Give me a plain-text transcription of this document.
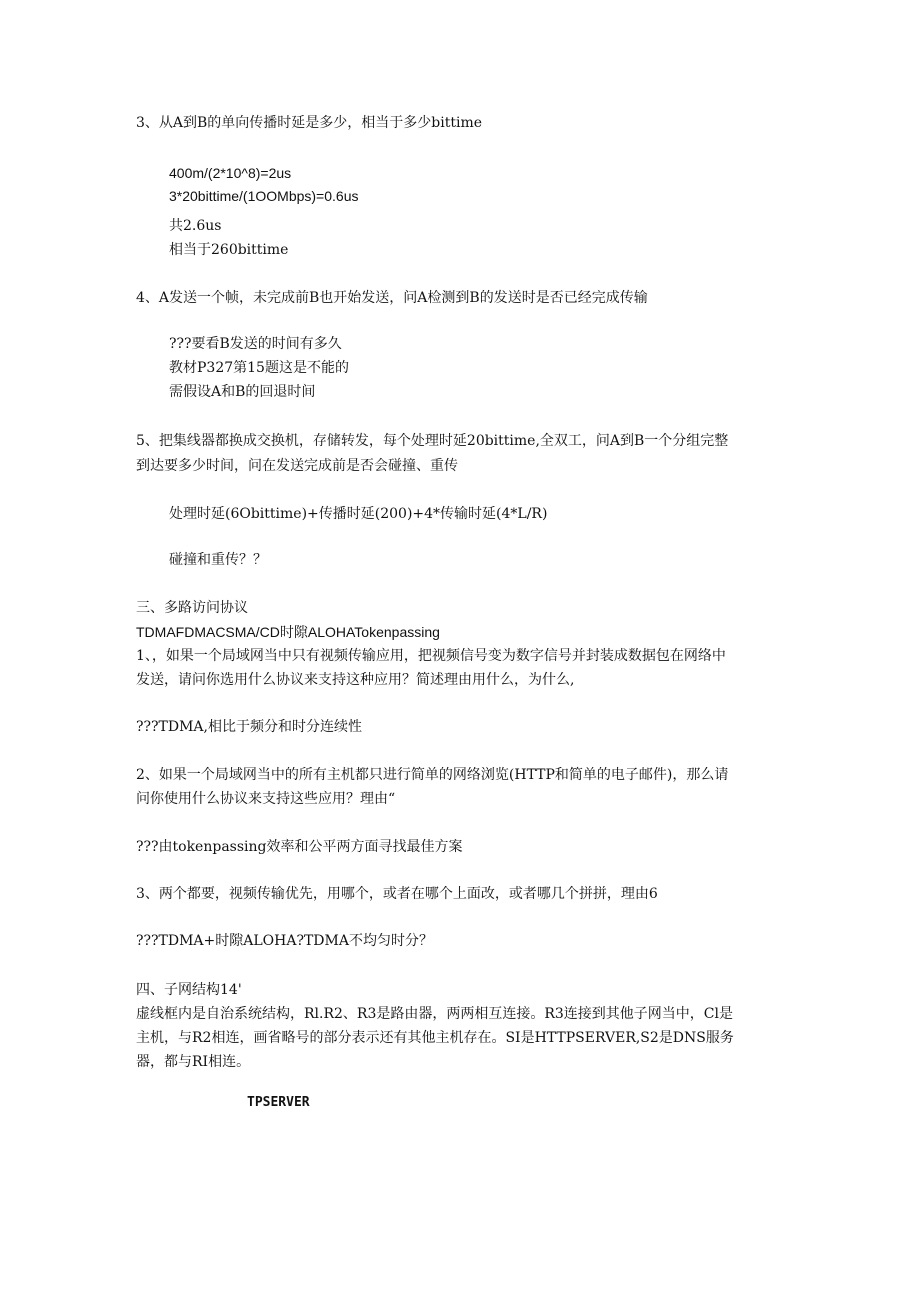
3、从A到B的单向传播时延是多少，相当于多少bittime
400m/(2*10^8)=2us
3*20bittime/(1OOMbps)=0.6us
共2.6us
相当于260bittime
4、A发送一个帧，未完成前B也开始发送，问A检测到B的发送时是否已经完成传输
???要看B发送的时间有多久
教材P327第15题这是不能的
需假设A和B的回退时间
5、把集线器都换成交换机，存储转发，每个处理时延20bittime,全双工，问A到B一个分组完整
到达要多少时间，问在发送完成前是否会碰撞、重传
处理时延(6Obittime)+传播时延(200)+4*传输时延(4*L/R)
碰撞和重传？？
三、多路访问协议
TDMAFDMACSMA/CD时隙ALOHATokenpassing
1、，如果一个局域网当中只有视频传输应用，把视频信号变为数字信号并封装成数据包在网络中
发送，请问你选用什么协议来支持这种应用？简述理由用什么，为什么,
???TDMA,相比于频分和时分连续性
2、如果一个局域网当中的所有主机都只进行简单的网络浏览(HTTP和简单的电子邮件)，那么请
问你使用什么协议来支持这些应用？理由“
???由tokenpassing效率和公平两方面寻找最佳方案
3、两个都要，视频传输优先，用哪个，或者在哪个上面改，或者哪几个拼拼，理由6
???TDMA+时隙ALOHA?TDMA不均匀时分？
四、子网结构14'
虚线框内是自治系统结构，Rl.R2、R3是路由器，两两相互连接。R3连接到其他子网当中，Cl是
主机，与R2相连，画省略号的部分表示还有其他主机存在。SI是HTTPSERVER,S2是DNS服务
器，都与RI相连。
TPSERVER
